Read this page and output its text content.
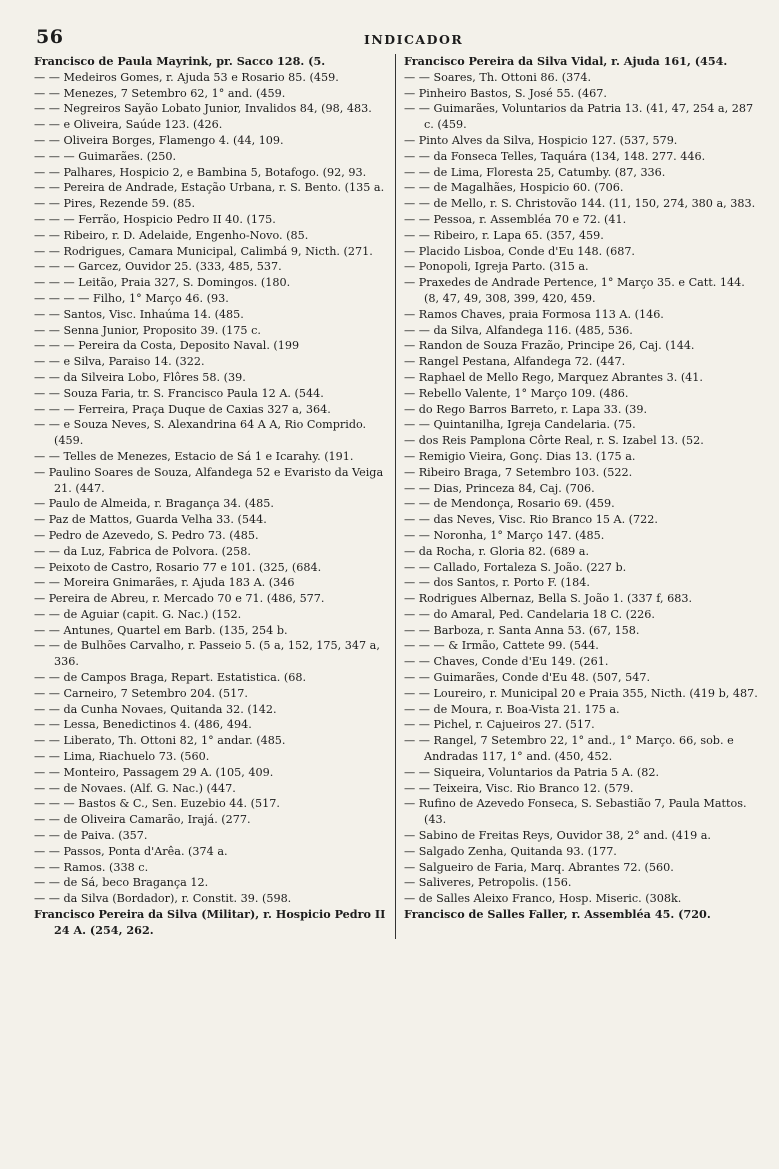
56	INDICADOR

Francisco de Paula Mayrink, pr. Sacco 128. (5.

— — Medeiros Gomes, r. Ajuda 53 e Rosario 85. (459.

— — Menezes, 7 Setembro 62, 1° and. (459.

— — Negreiros Sayão Lobato Junior, Invalidos 84, (98, 483.

— — e Oliveira, Saúde 123. (426.

— — Oliveira Borges, Flamengo 4. (44, 109.

— — — Guimarães. (250.

— — Palhares, Hospicio 2, e Bambina 5, Botafogo. (92, 93.

— — Pereira de Andrade, Estação Urbana, r. S. Bento. (135 a.

— — Pires, Rezende 59. (85.

— — — Ferrão, Hospicio Pedro II 40. (175.

— — Ribeiro, r. D. Adelaide, Engenho-Novo. (85.

— — Rodrigues, Camara Municipal, Calimbá 9, Nicth. (271.

— — — Garcez, Ouvidor 25. (333, 485, 537.

— — — Leitão, Praia 327, S. Domingos. (180.

— — — — Filho, 1° Março 46. (93.

— — Santos, Visc. Inhaúma 14. (485.

— — Senna Junior, Proposito 39. (175 c.

— — — Pereira da Costa, Deposito Naval. (199

— — e Silva, Paraiso 14. (322.

— — da Silveira Lobo, Flôres 58. (39.

— — Souza Faria, tr. S. Francisco Paula 12 A. (544.

— — — Ferreira, Praça Duque de Caxias 327 a, 364.

— — e Souza Neves, S. Alexandrina 64 A A, Rio Comprido. (459.

— — Telles de Menezes, Estacio de Sá 1 e Icarahy. (191.

— Paulino Soares de Souza, Alfandega 52 e Evaristo da Veiga 21. (447.

— Paulo de Almeida, r. Bragança 34. (485.

— Paz de Mattos, Guarda Velha 33. (544.

— Pedro de Azevedo, S. Pedro 73. (485.

— — da Luz, Fabrica de Polvora. (258.

— Peixoto de Castro, Rosario 77 e 101. (325, (684.

— — Moreira Gnimarães, r. Ajuda 183 A. (346

— Pereira de Abreu, r. Mercado 70 e 71. (486, 577.

— — de Aguiar (capit. G. Nac.) (152.

— — Antunes, Quartel em Barb. (135, 254 b.

— — de Bulhões Carvalho, r. Passeio 5. (5 a, 152, 175, 347 a, 336.

— — de Campos Braga, Repart. Estatistica. (68.

— — Carneiro, 7 Setembro 204. (517.

— — da Cunha Novaes, Quitanda 32. (142.

— — Lessa, Benedictinos 4. (486, 494.

— — Liberato, Th. Ottoni 82, 1° andar. (485.

— — Lima, Riachuelo 73. (560.

— — Monteiro, Passagem 29 A. (105, 409.

— — de Novaes. (Alf. G. Nac.) (447.

— — — Bastos & C., Sen. Euzebio 44. (517.

— — de Oliveira Camarão, Irajá. (277.

— — de Paiva. (357.

— — Passos, Ponta d'Arêa. (374 a.

— — Ramos. (338 c.

— — de Sá, beco Bragança 12.

— — da Silva (Bordador), r. Constit. 39. (598.

Francisco Pereira da Silva (Militar), r. Hospicio Pedro II 24 A. (254, 262.

Francisco Pereira da Silva Vidal, r. Ajuda 161, (454.

— — Soares, Th. Ottoni 86. (374.

— Pinheiro Bastos, S. José 55. (467.

— — Guimarães, Voluntarios da Patria 13. (41, 47, 254 a, 287 c. (459.

— Pinto Alves da Silva, Hospicio 127. (537, 579.

— — da Fonseca Telles, Taquára (134, 148. 277. 446.

— — de Lima, Floresta 25, Catumby. (87, 336.

— — de Magalhães, Hospicio 60. (706.

— — de Mello, r. S. Christovão 144. (11, 150, 274, 380 a, 383.

— — Pessoa, r. Assembléa 70 e 72. (41.

— — Ribeiro, r. Lapa 65. (357, 459.

— Placido Lisboa, Conde d'Eu 148. (687.

— Ponopoli, Igreja Parto. (315 a.

— Praxedes de Andrade Pertence, 1° Março 35. e Catt. 144. (8, 47, 49, 308, 399, 420, 459.

— Ramos Chaves, praia Formosa 113 A. (146.

— — da Silva, Alfandega 116. (485, 536.

— Randon de Souza Frazão, Principe 26, Caj. (144.

— Rangel Pestana, Alfandega 72. (447.

— Raphael de Mello Rego, Marquez Abrantes 3. (41.

— Rebello Valente, 1° Março 109. (486.

— do Rego Barros Barreto, r. Lapa 33. (39.

— — Quintanilha, Igreja Candelaria. (75.

— dos Reis Pamplona Côrte Real, r. S. Izabel 13. (52.

— Remigio Vieira, Gonç. Dias 13. (175 a.

— Ribeiro Braga, 7 Setembro 103. (522.

— — Dias, Princeza 84, Caj. (706.

— — de Mendonça, Rosario 69. (459.

— — das Neves, Visc. Rio Branco 15 A. (722.

— — Noronha, 1° Março 147. (485.

— da Rocha, r. Gloria 82. (689 a.

— — Callado, Fortaleza S. João. (227 b.

— — dos Santos, r. Porto F. (184.

— Rodrigues Albernaz, Bella S. João 1. (337 f, 683.

— — do Amaral, Ped. Candelaria 18 C. (226.

— — Barboza, r. Santa Anna 53. (67, 158.

— — — & Irmão, Cattete 99. (544.

— — Chaves, Conde d'Eu 149. (261.

— — Guimarães, Conde d'Eu 48. (507, 547.

— — Loureiro, r. Municipal 20 e Praia 355, Nicth. (419 b, 487.

— — de Moura, r. Boa-Vista 21. 175 a.

— — Pichel, r. Cajueiros 27. (517.

— — Rangel, 7 Setembro 22, 1° and., 1° Março. 66, sob. e Andradas 117, 1° and. (450, 452.

— — Siqueira, Voluntarios da Patria 5 A. (82.

— — Teixeira, Visc. Rio Branco 12. (579.

— Rufino de Azevedo Fonseca, S. Sebastião 7, Paula Mattos. (43.

— Sabino de Freitas Reys, Ouvidor 38, 2° and. (419 a.

— Salgado Zenha, Quitanda 93. (177.

— Salgueiro de Faria, Marq. Abrantes 72. (560.

— Saliveres, Petropolis. (156.

— de Salles Aleixo Franco, Hosp. Miseric. (308k.

Francisco de Salles Faller, r. Assembléa 45. (720.
